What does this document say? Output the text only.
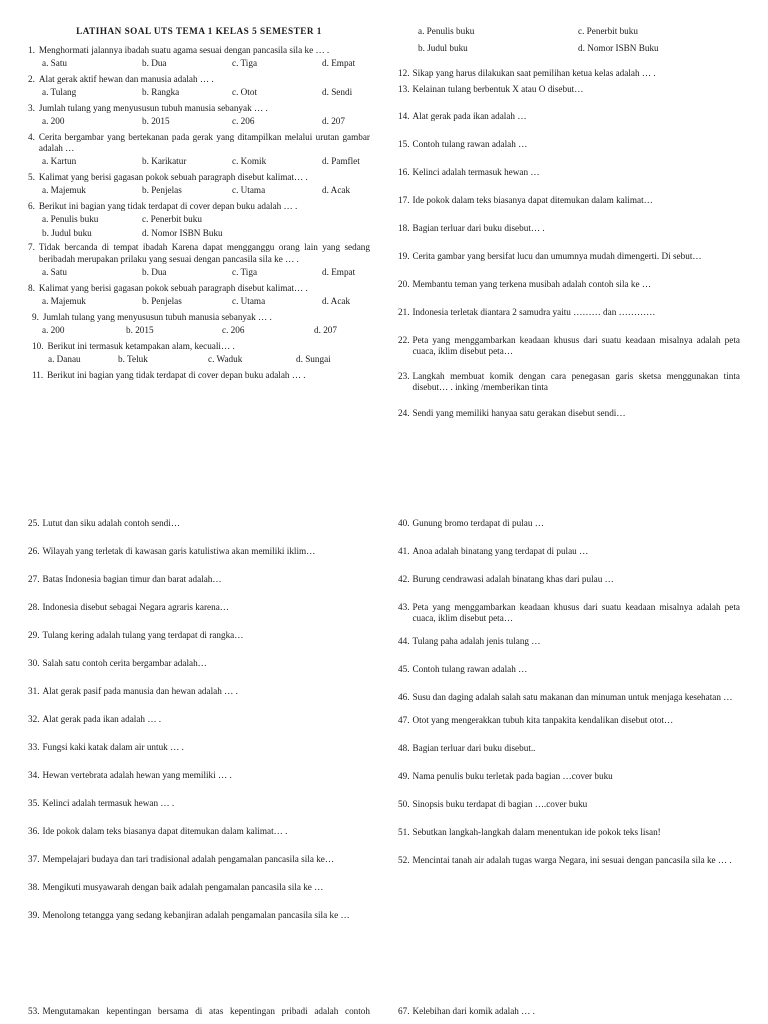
LATIHAN SOAL UTS TEMA 1 KELAS 5 SEMESTER 1
1. Menghormati jalannya ibadah suatu agama sesuai dengan pancasila sila ke … .
a. Satu	b. Dua	c. Tiga	d. Empat
2. Alat gerak aktif hewan dan manusia adalah … .
a. Tulang	b. Rangka	c. Otot	d. Sendi
3. Jumlah tulang yang menyususun tubuh manusia sebanyak … .
a. 200	b. 2015	c. 206	d. 207
4. Cerita bergambar yang bertekanan pada gerak yang ditampilkan melalui urutan gambar adalah …
a. Kartun	b. Karikatur	c. Komik	d. Pamflet
5. Kalimat yang berisi gagasan pokok sebuah paragraph disebut kalimat… .
a. Majemuk	b. Penjelas	c. Utama	d. Acak
6. Berikut ini bagian yang tidak terdapat di cover depan buku adalah … .
a. Penulis buku	c. Penerbit buku
b. Judul buku	d. Nomor ISBN Buku
7. Tidak bercanda di tempat ibadah Karena dapat mengganggu orang lain yang sedang beribadah merupakan prilaku yang sesuai dengan pancasila sila ke … .
a. Satu	b. Dua	c. Tiga	d. Empat
8. Kalimat yang berisi gagasan pokok sebuah paragraph disebut kalimat… .
a. Majemuk	b. Penjelas	c. Utama	d. Acak
9. Jumlah tulang yang menyususun tubuh manusia sebanyak … .
a. 200	b. 2015	c. 206	d. 207
10. Berikut ini termasuk ketampakan alam, kecuali… .
a. Danau	b. Teluk	c. Waduk	d. Sungai
11. Berikut ini bagian yang tidak terdapat di cover depan buku adalah … .
a. Penulis buku	c. Penerbit buku
b. Judul buku	d. Nomor ISBN Buku
12. Sikap yang harus dilakukan saat pemilihan ketua kelas adalah … .
13. Kelainan tulang berbentuk X atau O disebut…
14. Alat gerak pada ikan adalah …
15. Contoh tulang rawan adalah …
16. Kelinci adalah termasuk hewan …
17. Ide pokok dalam teks biasanya dapat ditemukan dalam kalimat…
18. Bagian terluar dari buku disebut… .
19. Cerita gambar yang bersifat lucu dan umumnya mudah dimengerti. Di sebut…
20. Membantu teman yang terkena musibah adalah contoh sila ke …
21. Indonesia terletak diantara 2 samudra yaitu ……… dan …………
22. Peta yang menggambarkan keadaan khusus dari suatu keadaan misalnya adalah peta cuaca, iklim disebut peta…
23. Langkah membuat komik dengan cara penegasan garis sketsa menggunakan tinta disebut… . inking /memberikan tinta
24. Sendi yang memiliki hanyaa satu gerakan disebut sendi…
25. Lutut dan siku adalah contoh sendi…
26. Wilayah yang terletak di kawasan garis katulistiwa akan memiliki iklim…
27. Batas Indonesia bagian timur dan barat adalah…
28. Indonesia disebut sebagai Negara agraris karena…
29. Tulang kering adalah tulang yang terdapat di rangka…
30. Salah satu contoh cerita bergambar adalah…
31. Alat gerak pasif pada manusia dan hewan adalah … .
32. Alat gerak pada ikan adalah … .
33. Fungsi kaki katak dalam air untuk … .
34. Hewan vertebrata adalah hewan yang memiliki … .
35. Kelinci adalah termasuk hewan … .
36. Ide pokok dalam teks biasanya dapat ditemukan dalam kalimat… .
37. Mempelajari budaya dan tari tradisional adalah pengamalan pancasila sila ke…
38. Mengikuti musyawarah dengan baik adalah pengamalan pancasila sila ke …
39. Menolong tetangga yang sedang kebanjiran adalah pengamalan pancasila sila ke …
40. Gunung bromo terdapat di pulau …
41. Anoa adalah binatang yang terdapat di pulau …
42. Burung cendrawasi adalah binatang khas dari pulau …
43. Peta yang menggambarkan keadaan khusus dari suatu keadaan misalnya adalah peta cuaca, iklim disebut peta…
44. Tulang paha adalah jenis tulang …
45. Contoh tulang rawan adalah …
46. Susu dan daging adalah salah satu makanan dan minuman untuk menjaga kesehatan …
47. Otot yang mengerakkan tubuh kita tanpakita kendalikan disebut otot…
48. Bagian terluar dari buku disebut..
49. Nama penulis buku terletak pada bagian …cover buku
50. Sinopsis buku terdapat di bagian ….cover buku
51. Sebutkan langkah-langkah dalam menentukan ide pokok teks lisan!
52. Mencintai tanah air adalah tugas warga Negara, ini sesuai dengan pancasila sila ke … .
53. Mengutamakan kepentingan bersama di atas kepentingan pribadi adalah contoh	67. Kelebihan dari komik adalah … .
